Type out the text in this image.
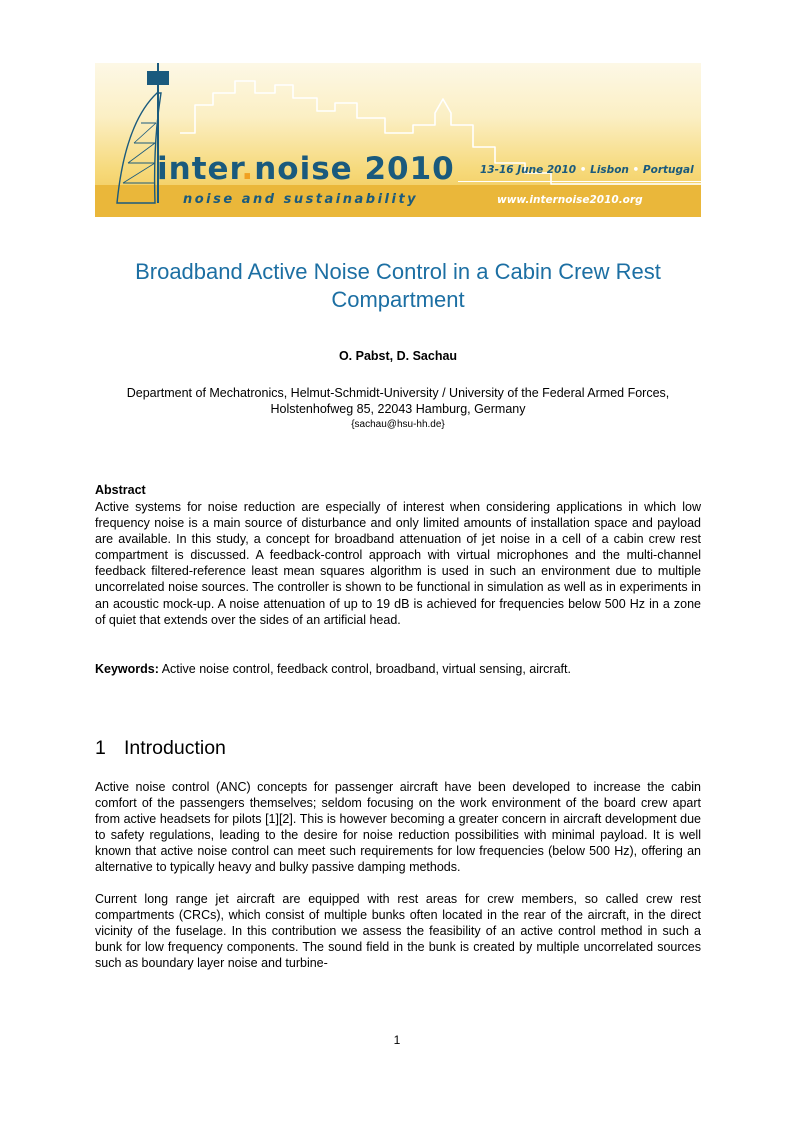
inter.noise 2010 13-16 June 2010 • Lisbon • Portugal
noise and sustainability	www.internoise2010.org
Broadband Active Noise Control in a Cabin Crew Rest Compartment
O. Pabst, D. Sachau
Department of Mechatronics, Helmut-Schmidt-University / University of the Federal Armed Forces,
Holstenhofweg 85, 22043 Hamburg, Germany
{sachau@hsu-hh.de}
Abstract

Active systems for noise reduction are especially of interest when considering applications in which low frequency noise is a main source of disturbance and only limited amounts of installation space and payload are available. In this study, a concept for broadband attenuation of jet noise in a cell of a cabin crew rest compartment is discussed. A feedback-control approach with virtual microphones and the multi-channel feedback filtered-reference least mean squares algorithm is used in such an environment due to multiple uncorrelated noise sources. The controller is shown to be functional in simulation as well as in experiments in an acoustic mock-up. A noise attenuation of up to 19 dB is achieved for frequencies below 500 Hz in a zone of quiet that extends over the sides of an artificial head.

Keywords: Active noise control, feedback control, broadband, virtual sensing, aircraft.
1 Introduction

Active noise control (ANC) concepts for passenger aircraft have been developed to increase the cabin comfort of the passengers themselves; seldom focusing on the work environment of the board crew apart from active headsets for pilots [1][2]. This is however becoming a greater concern in aircraft development due to safety regulations, leading to the desire for noise reduction possibilities with minimal payload. It is well known that active noise control can meet such requirements for low frequencies (below 500 Hz), offering an alternative to typically heavy and bulky passive damping methods.

Current long range jet aircraft are equipped with rest areas for crew members, so called crew rest compartments (CRCs), which consist of multiple bunks often located in the rear of the aircraft, in the direct vicinity of the fuselage. In this contribution we assess the feasibility of an active control method in such a bunk for low frequency components. The sound field in the bunk is created by multiple uncorrelated sources such as boundary layer noise and turbine-

1
